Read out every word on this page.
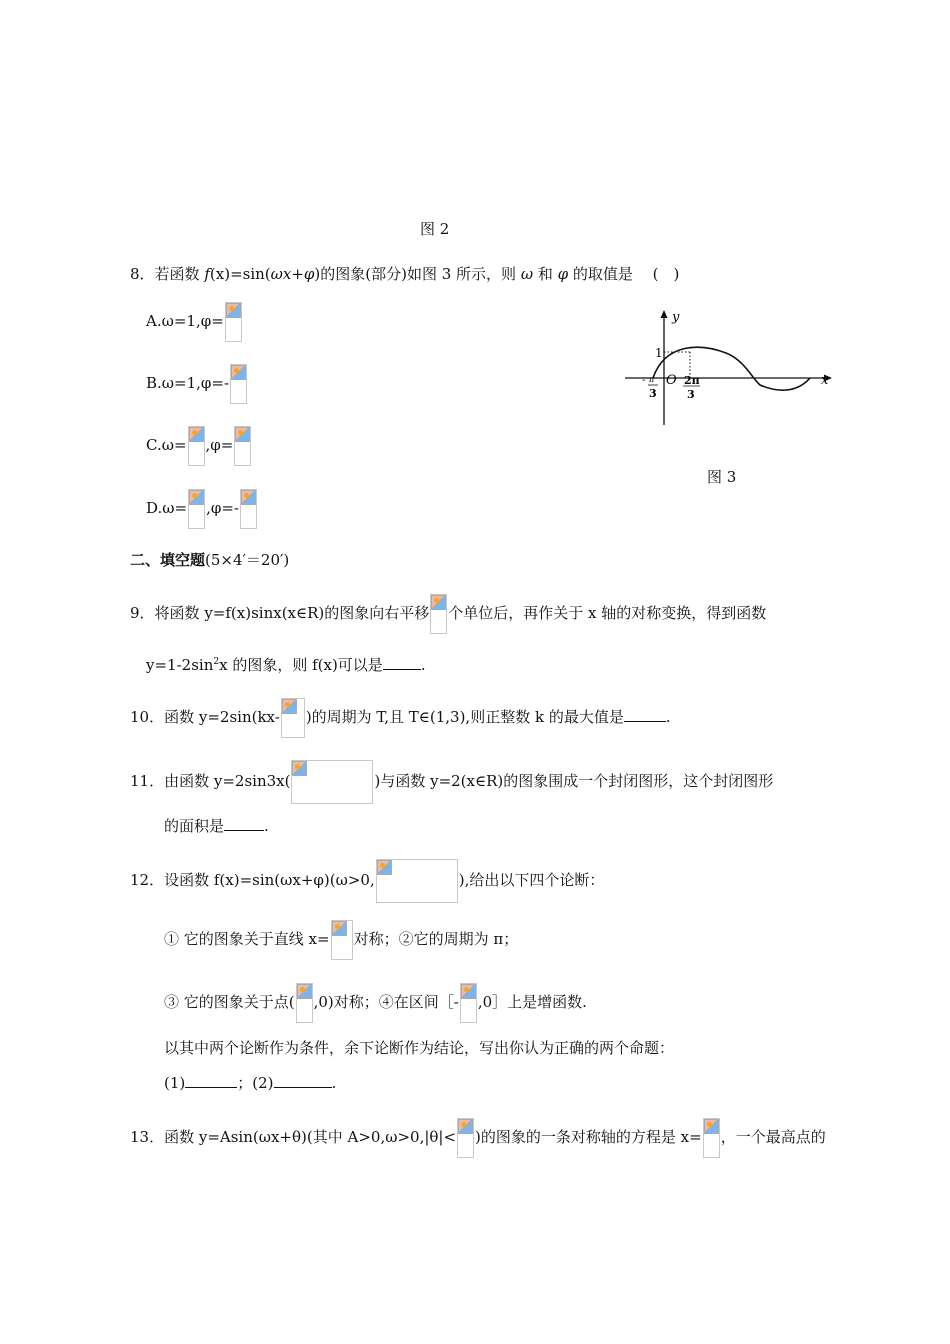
图 2
8．若函数 f(x)=sin(ωx+φ)的图象(部分)如图 3 所示，则 ω 和 φ 的取值是　 (　)
A.ω=1,φ=
B.ω=1,φ=-
C.ω= ,φ=
D.ω= ,φ=-
y
x
O
1
- π
3
2π
3
图 3
二、填空题(5×4′＝20′)
9．将函数 y=f(x)sinx(x∈R)的图象向右平移 个单位后，再作关于 x 轴的对称变换，得到函数
$y=1-2\sin^2x$ 的图象，则 f(x)可以是	.
10．函数 y=2sin(kx- )的周期为 T,且 T∈(1,3),则正整数 k 的最大值是	.
11．由函数 y=2sin3x(	)与函数 y=2(x∈R)的图象围成一个封闭图形，这个封闭图形
的面积是	.
12．设函数 f(x)=sin(ωx+φ)(ω>0,	),给出以下四个论断：
① 它的图象关于直线 x= 对称；②它的周期为 π；
③ 它的图象关于点( ,0)对称；④在区间［- ,0］上是增函数.
以其中两个论断作为条件，余下论断作为结论，写出你认为正确的两个命题：
(1)	；(2)	.
13．函数 y=Asin(ωx+θ)(其中 A>0,ω>0,|θ|< )的图象的一条对称轴的方程是 x= ，一个最高点的
